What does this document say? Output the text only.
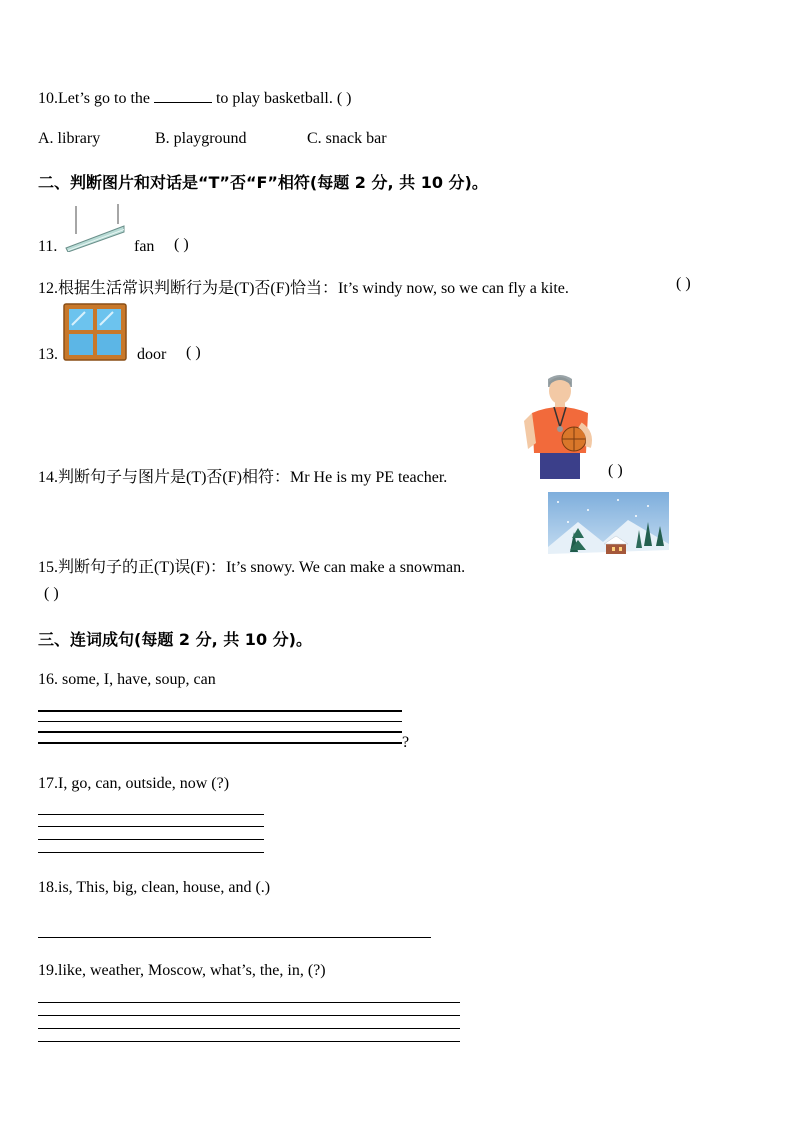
10.Let’s go to the	to play basketball. ( )
A. library	B. playground	C. snack bar
二、判断图片和对话是“T”否“F”相符(每题 2 分, 共 10 分)。
11.	fan ( )
12.根据生活常识判断行为是(T)否(F)恰当：It’s windy now, so we can fly a kite.	( )
13.	door ( )
14.判断句子与图片是(T)否(F)相符：Mr He is my PE teacher.	( )
15.判断句子的正(T)误(F)：It’s snowy. We can make a snowman.
( )
三、连词成句(每题 2 分, 共 10 分)。
16. some, I, have, soup, can
?
17.I, go, can, outside, now (?)
18.is, This, big, clean, house, and (.)
19.like, weather, Moscow, what’s, the, in, (?)
